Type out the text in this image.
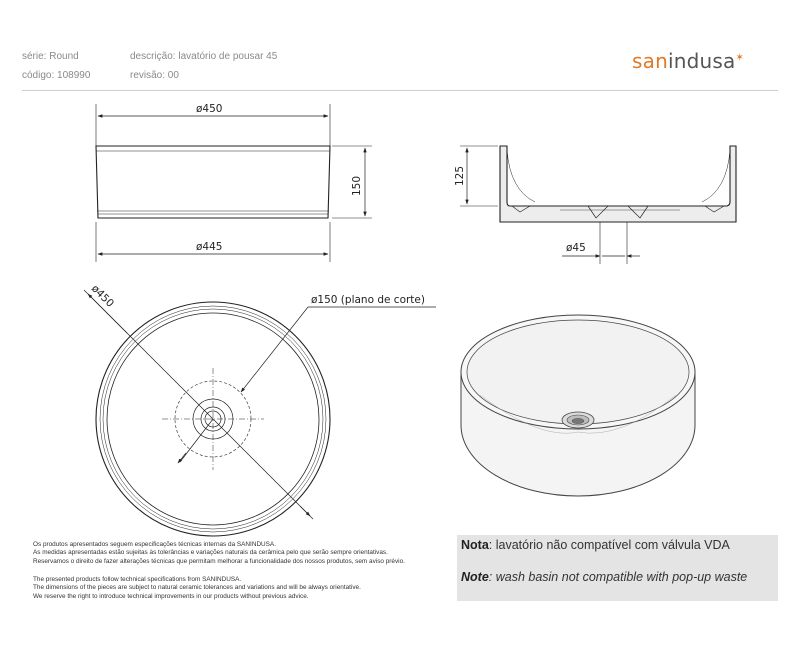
série: Round	descrição: lavatório de pousar 45
código: 108990	revisão: 00
sanindusa✶
ø450
ø445
150	125
ø45
ø450	ø150 (plano de corte)
Os produtos apresentados seguem especificações técnicas internas da SANINDUSA.
As medidas apresentadas estão sujeitas às tolerâncias e variações naturais da cerâmica pelo que serão sempre orientativas.
Reservamos o direito de fazer alterações técnicas que permitam melhorar a funcionalidade dos nossos produtos, sem aviso prévio.
The presented products follow technical specifications from SANINDUSA.
The dimensions of the pieces are subject to natural ceramic tolerances and variations and will be always orientative.
We reserve the right to introduce technical improvements in our products without previous advice.
Nota: lavatório não compatível com válvula VDA
Note: wash basin not compatible with pop-up waste
